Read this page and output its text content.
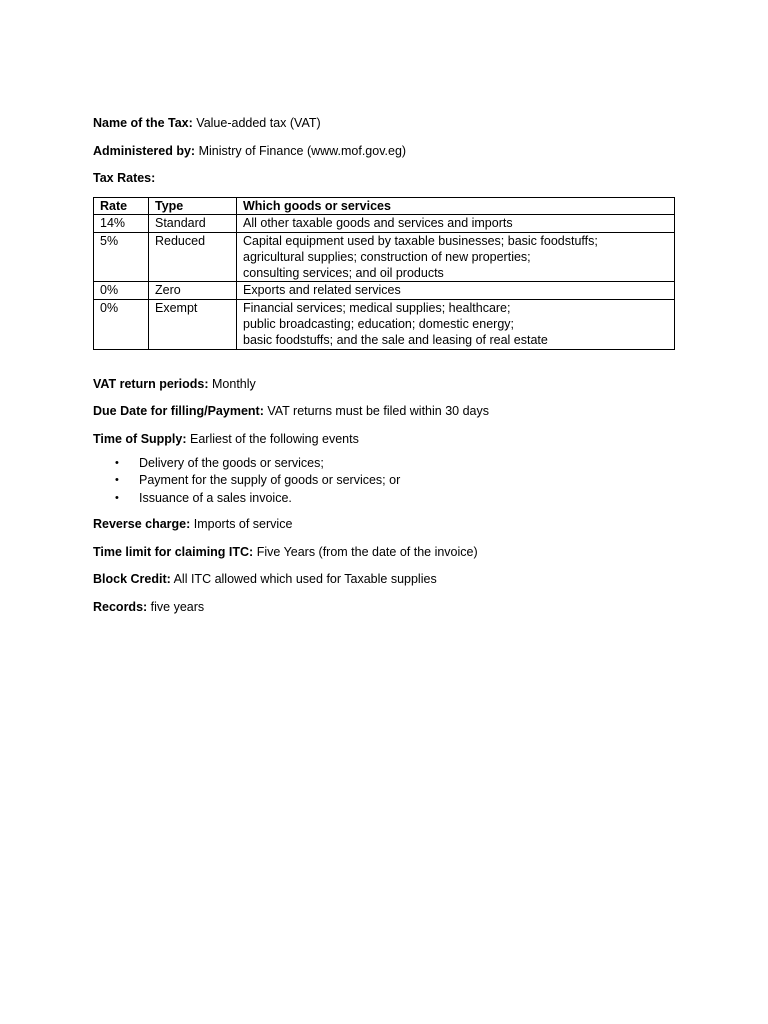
Name of the Tax: Value-added tax (VAT)

Administered by: Ministry of Finance (www.mof.gov.eg)

Tax Rates:

Rate	Type	Which goods or services
14%	Standard	All other taxable goods and services and imports

5%	Reduced	Capital equipment used by taxable businesses; basic foodstuffs;
agricultural supplies; construction of new properties;
consulting services; and oil products

0%	Zero	Exports and related services

0%	Exempt	Financial services; medical supplies; healthcare;
public broadcasting; education; domestic energy;
basic foodstuffs; and the sale and leasing of real estate

VAT return periods: Monthly

Due Date for filling/Payment: VAT returns must be filed within 30 days

Time of Supply: Earliest of the following events

• Delivery of the goods or services;
• Payment for the supply of goods or services; or
• Issuance of a sales invoice.

Reverse charge: Imports of service

Time limit for claiming ITC: Five Years (from the date of the invoice)

Block Credit: All ITC allowed which used for Taxable supplies

Records: five years
